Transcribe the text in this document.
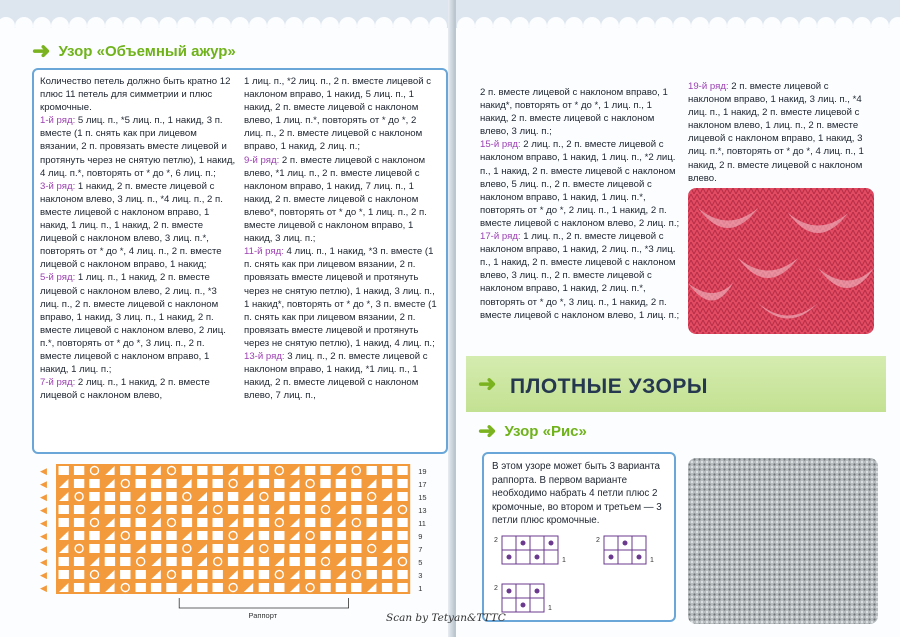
➜ Узор «Объемный ажур»

Количество петель должно быть кратно 12 плюс 11 петель для симметрии и плюс кромочные.

1-й ряд: 5 лиц. п., *5 лиц. п., 1 накид, 3 п. вместе (1 п. снять как при лицевом вязании, 2 п. провязать вместе лицевой и протянуть через не снятую петлю), 1 накид, 4 лиц. п.*, повторять от * до *, 6 лиц. п.;

3-й ряд: 1 накид, 2 п. вместе лицевой с наклоном влево, 3 лиц. п., *4 лиц. п., 2 п. вместе лицевой с наклоном вправо, 1 накид, 1 лиц. п., 1 накид, 2 п. вместе лицевой с наклоном влево, 3 лиц. п.*, повторять от * до *, 4 лиц. п., 2 п. вместе лицевой с наклоном вправо, 1 накид;

5-й ряд: 1 лиц. п., 1 накид, 2 п. вместе лицевой с наклоном влево, 2 лиц. п., *3 лиц. п., 2 п. вместе лицевой с наклоном вправо, 1 накид, 3 лиц. п., 1 накид, 2 п. вместе лицевой с наклоном влево, 2 лиц. п.*, повторять от * до *, 3 лиц. п., 2 п. вместе лицевой с наклоном вправо, 1 накид, 1 лиц. п.;

7-й ряд: 2 лиц. п., 1 накид, 2 п. вместе лицевой с наклоном влево,

1 лиц. п., *2 лиц. п., 2 п. вместе лицевой с наклоном вправо, 1 накид, 5 лиц. п., 1 накид, 2 п. вместе лицевой с наклоном влево, 1 лиц. п.*, повторять от * до *, 2 лиц. п., 2 п. вместе лицевой с наклоном вправо, 1 накид, 2 лиц. п.;

9-й ряд: 2 п. вместе лицевой с наклоном влево, *1 лиц. п., 2 п. вместе лицевой с наклоном вправо, 1 накид, 7 лиц. п., 1 накид, 2 п. вместе лицевой с наклоном влево*, повторять от * до *, 1 лиц. п., 2 п. вместе лицевой с наклоном вправо, 1 накид, 3 лиц. п.;

11-й ряд: 4 лиц. п., 1 накид, *3 п. вместе (1 п. снять как при лицевом вязании, 2 п. провязать вместе лицевой и протянуть через не снятую петлю), 1 накид, 3 лиц. п., 1 накид*, повторять от * до *, 3 п. вместе (1 п. снять как при лицевом вязании, 2 п. провязать вместе лицевой и протянуть через не снятую петлю), 1 накид, 4 лиц. п.;

13-й ряд: 3 лиц. п., 2 п. вместе лицевой с наклоном вправо, 1 накид, *1 лиц. п., 1 накид, 2 п. вместе лицевой с наклоном влево, 7 лиц. п.,

◀
◀
◀
◀
◀
◀
◀
◀
◀
◀
19
17
15
13
11
9
7
5
3
1
Раппорт

2 п. вместе лицевой с наклоном вправо, 1 накид*, повторять от * до *, 1 лиц. п., 1 накид, 2 п. вместе лицевой с наклоном влево, 3 лиц. п.;

15-й ряд: 2 лиц. п., 2 п. вместе лицевой с наклоном вправо, 1 накид, 1 лиц. п., *2 лиц. п., 1 накид, 2 п. вместе лицевой с наклоном влево, 5 лиц. п., 2 п. вместе лицевой с наклоном вправо, 1 накид, 1 лиц. п.*, повторять от * до *, 2 лиц. п., 1 накид, 2 п. вместе лицевой с наклоном влево, 2 лиц. п.;

17-й ряд: 1 лиц. п., 2 п. вместе лицевой с наклоном вправо, 1 накид, 2 лиц. п., *3 лиц. п., 1 накид, 2 п. вместе лицевой с наклоном влево, 3 лиц. п., 2 п. вместе лицевой с наклоном вправо, 1 накид, 2 лиц. п.*, повторять от * до *, 3 лиц. п., 1 накид, 2 п. вместе лицевой с наклоном влево, 1 лиц. п.;

19-й ряд: 2 п. вместе лицевой с наклоном вправо, 1 накид, 3 лиц. п., *4 лиц. п., 1 накид, 2 п. вместе лицевой с наклоном влево, 1 лиц. п., 2 п. вместе лицевой с наклоном вправо, 1 накид, 3 лиц. п.*, повторять от * до *, 4 лиц. п., 1 накид, 2 п. вместе лицевой с наклоном влево.

➜ ПЛОТНЫЕ УЗОРЫ
➜ Узор «Рис»
В этом узоре может быть 3 варианта раппорта. В первом варианте необходимо набрать 4 петли плюс 2 кромочные, во втором и третьем — 3 петли плюс кромочные.
2
1
2
1
2
1
Scan by Tetyan&TTTC
